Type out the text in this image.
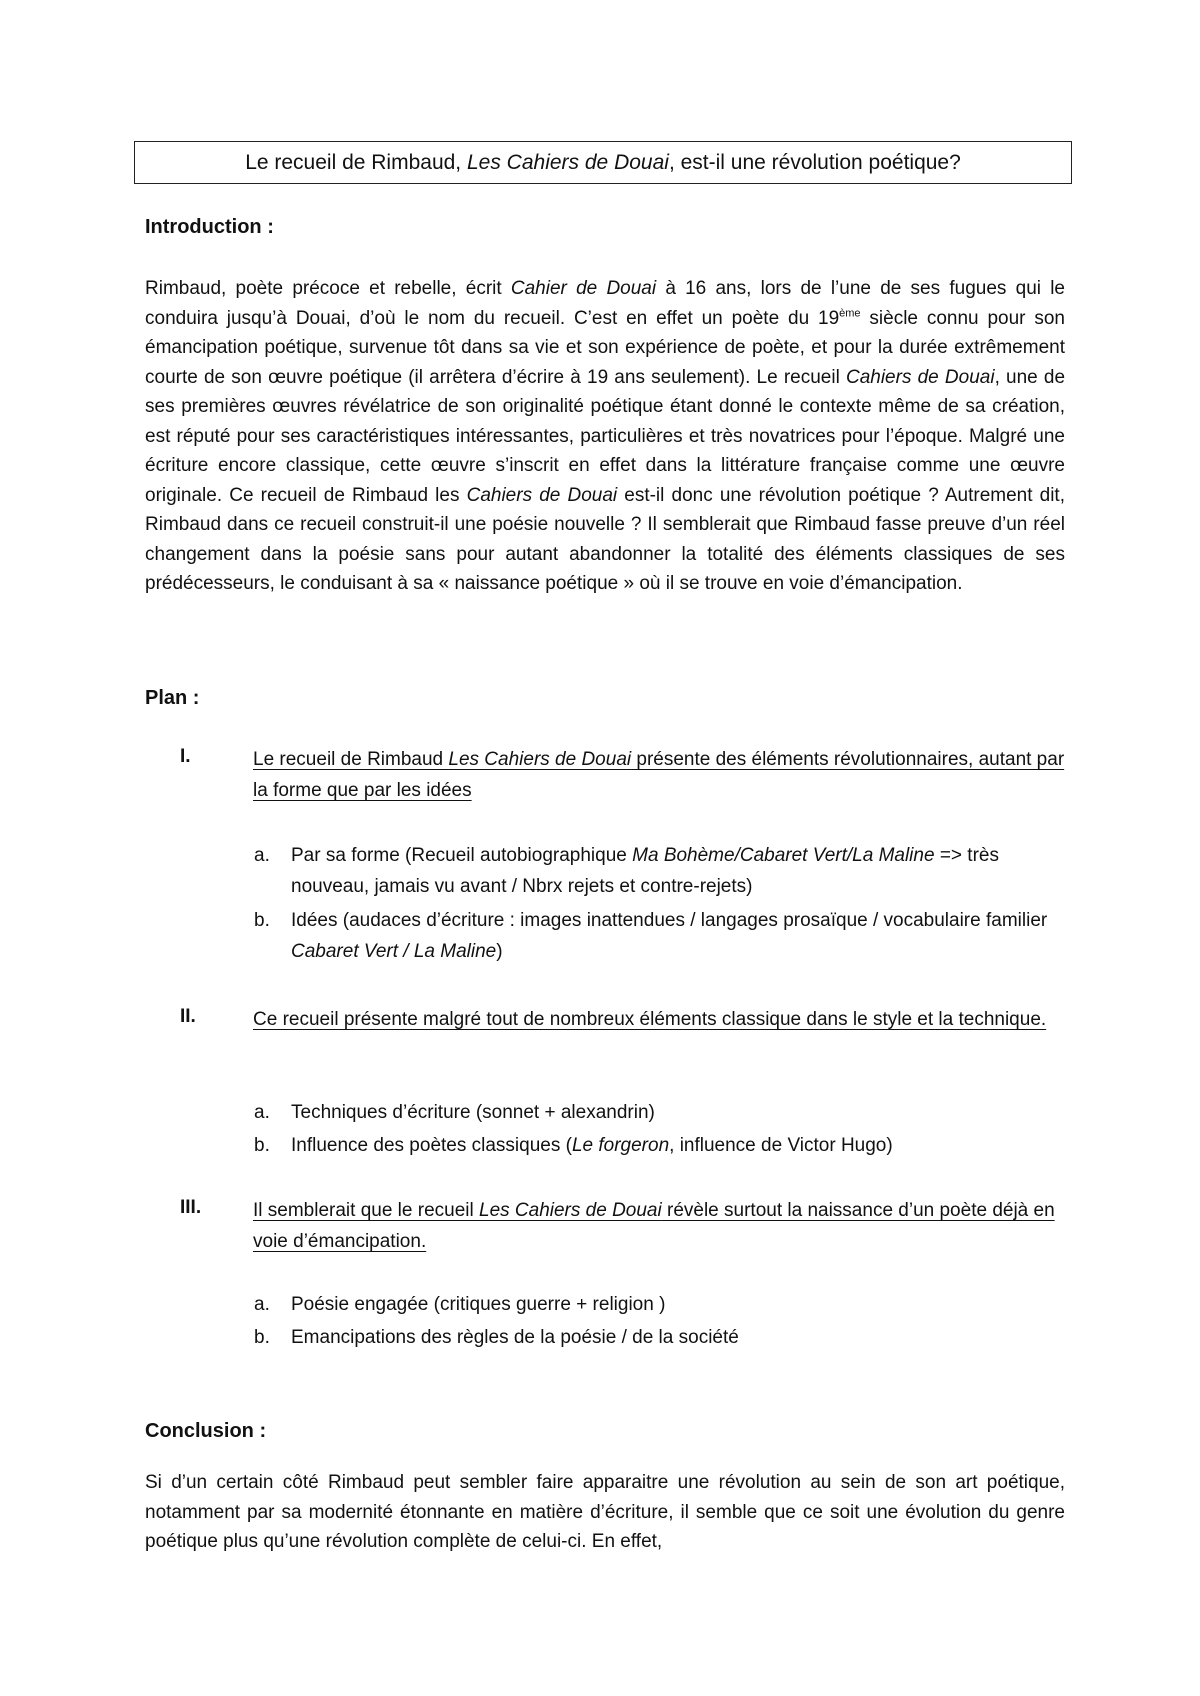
Le recueil de Rimbaud, Les Cahiers de Douai, est-il une révolution poétique?
Introduction :

Rimbaud, poète précoce et rebelle, écrit Cahier de Douai à 16 ans, lors de l’une de ses fugues qui le conduira jusqu’à Douai, d’où le nom du recueil. C’est en effet un poète du 19ème siècle connu pour son émancipation poétique, survenue tôt dans sa vie et son expérience de poète, et pour la durée extrêmement courte de son œuvre poétique (il arrêtera d’écrire à 19 ans seulement). Le recueil Cahiers de Douai, une de ses premières œuvres révélatrice de son originalité poétique étant donné le contexte même de sa création, est réputé pour ses caractéristiques intéressantes, particulières et très novatrices pour l’époque. Malgré une écriture encore classique, cette œuvre s’inscrit en effet dans la littérature française comme une œuvre originale. Ce recueil de Rimbaud les Cahiers de Douai est-il donc une révolution poétique ? Autrement dit, Rimbaud dans ce recueil construit-il une poésie nouvelle ? Il semblerait que Rimbaud fasse preuve d’un réel changement dans la poésie sans pour autant abandonner la totalité des éléments classiques de ses prédécesseurs, le conduisant à sa « naissance poétique » où il se trouve en voie d’émancipation.

Plan :
I.	Le recueil de Rimbaud Les Cahiers de Douai présente des éléments révolutionnaires, autant par la forme que par les idées
a. Par sa forme (Recueil autobiographique Ma Bohème/Cabaret Vert/La Maline => très nouveau, jamais vu avant / Nbrx rejets et contre-rejets)
b. Idées (audaces d’écriture : images inattendues / langages prosaïque / vocabulaire familier Cabaret Vert / La Maline)
II.	Ce recueil présente malgré tout de nombreux éléments classique dans le style et la technique.
a. Techniques d’écriture (sonnet + alexandrin)
b. Influence des poètes classiques (Le forgeron, influence de Victor Hugo)
III.	Il semblerait que le recueil Les Cahiers de Douai révèle surtout la naissance d’un poète déjà en voie d’émancipation.
a. Poésie engagée (critiques guerre + religion )
b. Emancipations des règles de la poésie / de la société
Conclusion :

Si d’un certain côté Rimbaud peut sembler faire apparaitre une révolution au sein de son art poétique, notamment par sa modernité étonnante en matière d’écriture, il semble que ce soit une évolution du genre poétique plus qu’une révolution complète de celui-ci. En effet,
